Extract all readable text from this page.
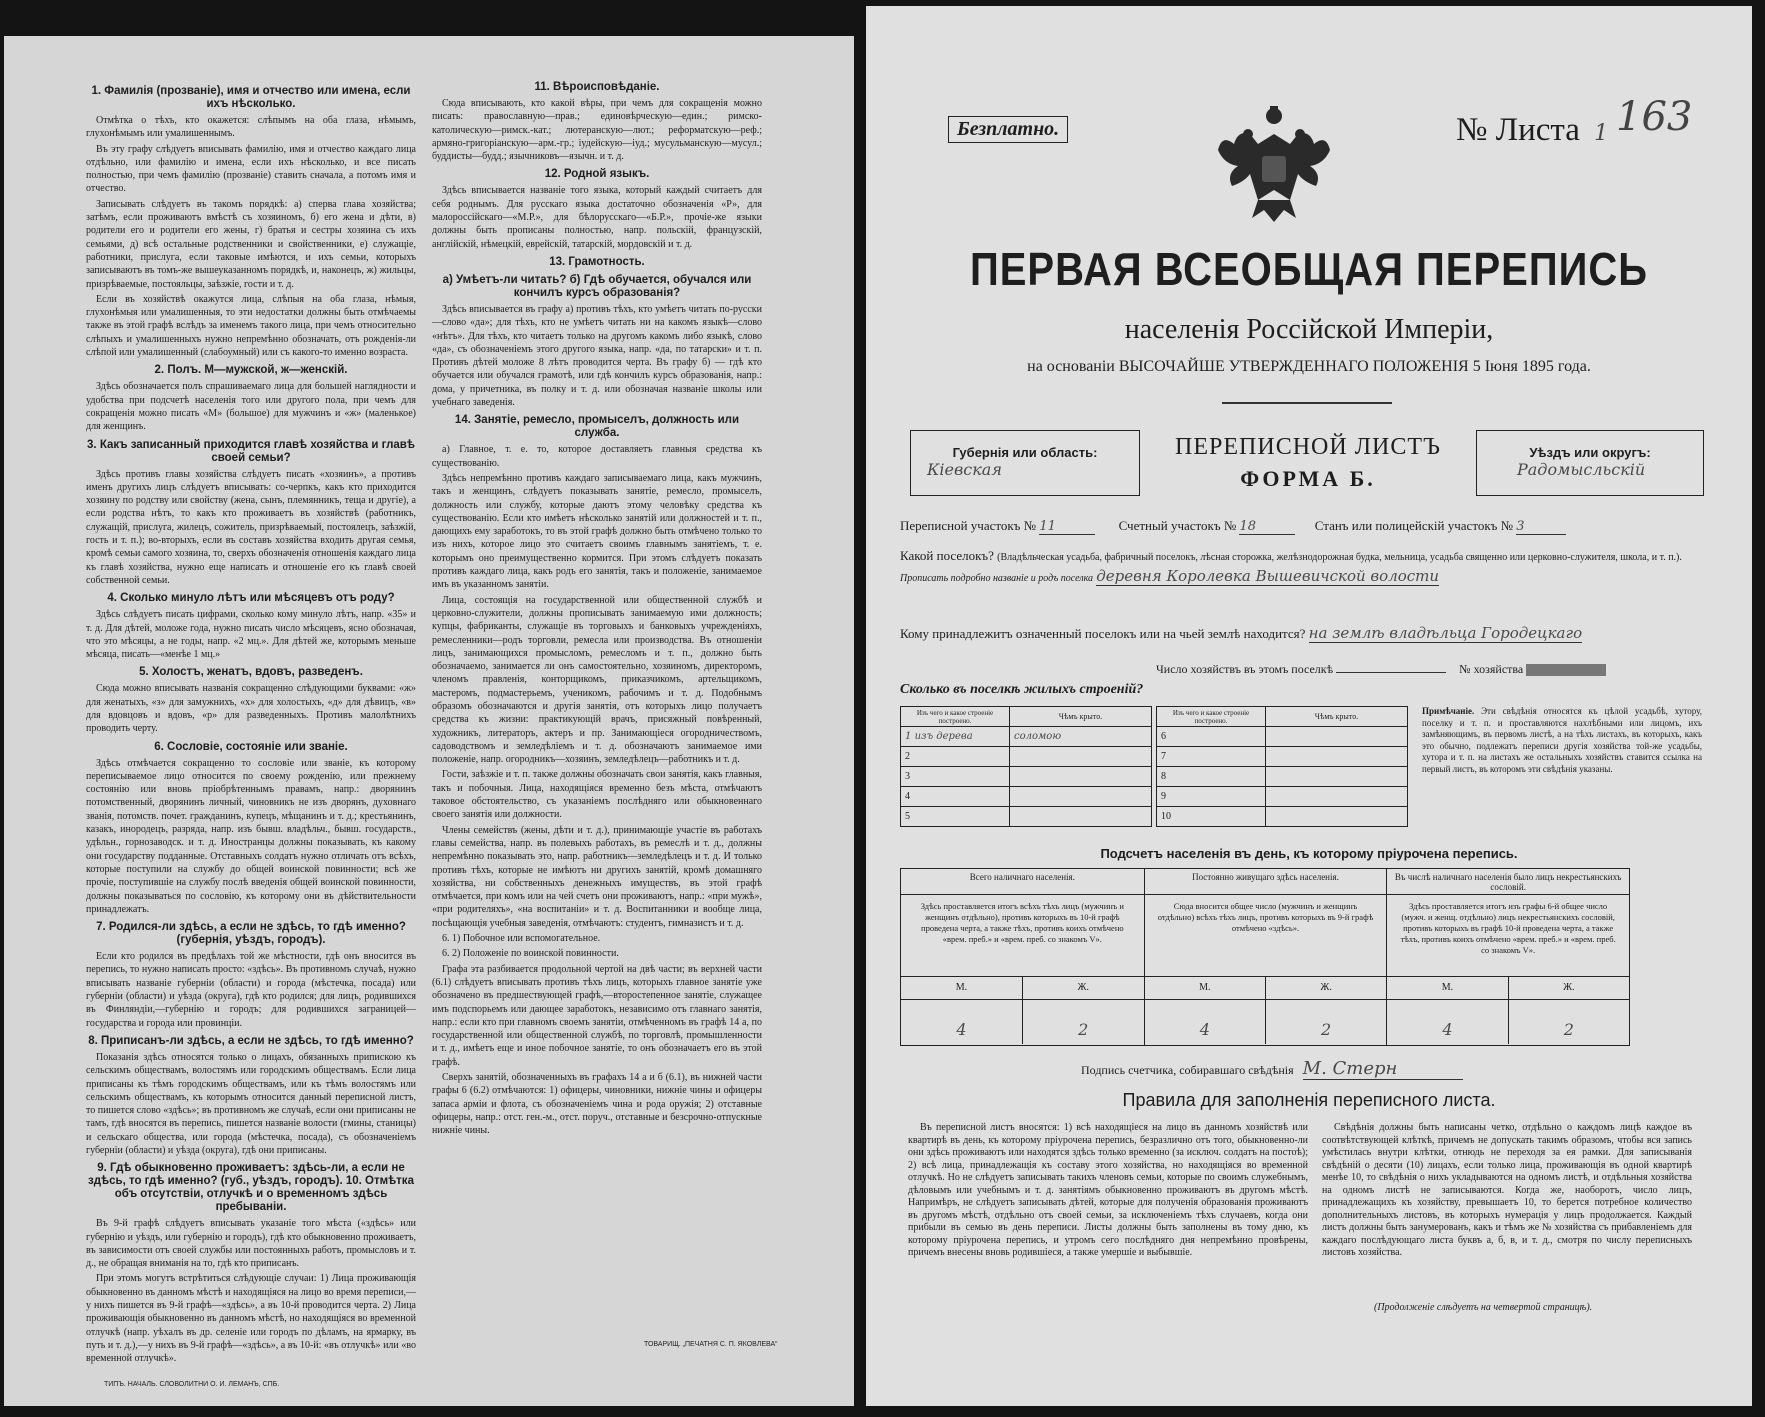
1. Фамилія (прозваніе), имя и отчество или имена, если ихъ нѣсколько.

Отмѣтка о тѣхъ, кто окажется: слѣпымъ на оба глаза, нѣмымъ, глухонѣмымъ или умалишеннымъ.

Въ эту графу слѣдуетъ вписывать фамилію, имя и отчество каждаго лица отдѣльно, или фамилію и имена, если ихъ нѣсколько, и все писать полностью, при чемъ фамилію (прозваніе) ставить сначала, а потомъ имя и отчество.

Записывать слѣдуетъ въ такомъ порядкѣ: а) сперва глава хозяйства; затѣмъ, если проживаютъ вмѣстѣ съ хозяиномъ, б) его жена и дѣти, в) родители его и родители его жены, г) братья и сестры хозяина съ ихъ семьями, д) всѣ остальные родственники и свойственники, е) служащіе, работники, прислуга, если таковые имѣются, и ихъ семьи, которыхъ записываютъ въ томъ-же вышеуказанномъ порядкѣ, и, наконецъ, ж) жильцы, призрѣваемые, постояльцы, заѣзжіе, гости и т. д.

Если въ хозяйствѣ окажутся лица, слѣпыя на оба глаза, нѣмыя, глухонѣмыя или умалишенныя, то эти недостатки должны быть отмѣчаемы также въ этой графѣ вслѣдъ за именемъ такого лица, при чемъ относительно слѣпыхъ и умалишенныхъ нужно непремѣнно обозначать, отъ рожденія-ли слѣпой или умалишенный (слабоумный) или съ какого-то именно возраста.

2. Полъ. М—мужской, ж—женскій.

Здѣсь обозначается полъ спрашиваемаго лица для большей наглядности и удобства при подсчетѣ населенія того или другого пола, при чемъ для сокращенія можно писать «М» (большое) для мужчинъ и «ж» (маленькое) для женщинъ.

3. Какъ записанный приходится главѣ хозяйства и главѣ своей семьи?

Здѣсь противъ главы хозяйства слѣдуетъ писать «хозяинъ», а противъ именъ другихъ лицъ слѣдуетъ вписывать: со-черпкъ, какъ кто приходится хозяину по родству или свойству (жена, сынъ, племянникъ, теща и другіе), а если родства нѣтъ, то какъ кто проживаетъ въ хозяйствѣ (работникъ, служащій, прислуга, жилецъ, сожитель, призрѣваемый, постоялецъ, заѣзжій, гость и т. п.); во-вторыхъ, если въ составъ хозяйства входить другая семья, кромѣ семьи самого хозяина, то, сверхъ обозначенія отношенія каждаго лица къ главѣ хозяйства, нужно еще написать и отношеніе его къ главѣ своей собственной семьи.

4. Сколько минуло лѣтъ или мѣсяцевъ отъ роду?

Здѣсь слѣдуетъ писать цифрами, сколько кому минуло лѣтъ, напр. «35» и т. д. Для дѣтей, моложе года, нужно писать число мѣсяцевъ, ясно обозначая, что это мѣсяцы, а не годы, напр. «2 мц.». Для дѣтей же, которымъ меньше мѣсяца, писать—«менѣе 1 мц.»

5. Холостъ, женатъ, вдовъ, разведенъ.

Сюда можно вписывать названія сокращенно слѣдующими буквами: «ж» для женатыхъ, «з» для замужнихъ, «х» для холостыхъ, «д» для дѣвицъ, «в» для вдовцовъ и вдовъ, «р» для разведенныхъ. Противъ малолѣтнихъ проводить черту.

6. Сословіе, состояніе или званіе.

Здѣсь отмѣчается сокращенно то сословіе или званіе, къ которому переписываемое лицо относится по своему рожденію, или прежнему состоянію или вновь пріобрѣтеннымъ правамъ, напр.: дворянинъ потомственный, дворянинъ личный, чиновникъ не изъ дворянъ, духовнаго званія, потомств. почет. гражданинъ, купецъ, мѣщанинъ и т. д.; крестьянинъ, казакъ, инородецъ, разряда, напр. изъ бывш. владѣльч., бывш. государств., удѣльн., горнозаводск. и т. д. Иностранцы должны показывать, къ какому они государству подданные. Отставныхъ солдатъ нужно отличать отъ всѣхъ, которые поступили на службу до общей воинской повинности; всѣ же прочіе, поступившіе на службу послѣ введенія общей воинской повинности, должны показываться по сословію, къ которому они въ дѣйствительности принадлежатъ.

7. Родился-ли здѣсь, а если не здѣсь, то гдѣ именно? (губернія, уѣздъ, городъ).

Если кто родился въ предѣлахъ той же мѣстности, гдѣ онъ вносится въ перепись, то нужно написать просто: «здѣсь». Въ противномъ случаѣ, нужно вписывать названіе губерніи (области) и города (мѣстечка, посада) или губерніи (области) и уѣзда (округа), гдѣ кто родился; для лицъ, родившихся въ Финляндіи,—губернію и городъ; для родившихся заграницей—государства и города или провинціи.

8. Приписанъ-ли здѣсь, а если не здѣсь, то гдѣ именно?

Показанія здѣсь относятся только о лицахъ, обязанныхъ припискою къ сельскимъ обществамъ, волостямъ или городскимъ обществамъ. Если лица приписаны къ тѣмъ городскимъ обществамъ, или къ тѣмъ волостямъ или сельскимъ обществамъ, къ которымъ относится данный переписной листъ, то пишется слово «здѣсь»; въ противномъ же случаѣ, если они приписаны не тамъ, гдѣ вносятся въ перепись, пишется названіе волости (гмины, станицы) и сельскаго общества, или города (мѣстечка, посада), съ обозначеніемъ губерніи (области) и уѣзда (округа), гдѣ они приписаны.

9. Гдѣ обыкновенно проживаетъ: здѣсь-ли, а если не здѣсь, то гдѣ именно? (губ., уѣздъ, городъ). 10. Отмѣтка объ отсутствіи, отлучкѣ и о временномъ здѣсь пребываніи.

Въ 9-й графѣ слѣдуетъ вписывать указаніе того мѣста («здѣсь» или губернію и уѣздъ, или губернію и городъ), гдѣ кто обыкновенно проживаетъ, въ зависимости отъ своей службы или постоянныхъ работъ, промысловъ и т. д., не обращая вниманія на то, гдѣ кто приписанъ.

При этомъ могутъ встрѣтиться слѣдующіе случаи: 1) Лица проживающія обыкновенно въ данномъ мѣстѣ и находящіяся на лицо во время переписи,—у нихъ пишется въ 9-й графѣ—«здѣсь», а въ 10-й проводится черта. 2) Лица проживающія обыкновенно въ данномъ мѣстѣ, но находящіяся во временной отлучкѣ (напр. уѣхалъ въ др. селеніе или городъ по дѣламъ, на ярмарку, въ путь и т. д.),—у нихъ въ 9-й графѣ—«здѣсь», а въ 10-й: «въ отлучкѣ» или «во временной отлучкѣ».

11. Вѣроисповѣданіе.

Сюда вписывають, кто какой вѣры, при чемъ для сокращенія можно писать: православную—прав.; единовѣрческую—един.; римско-католическую—римск.-кат.; лютеранскую—лют.; реформатскую—реф.; армяно-григоріанскую—арм.-гр.; іудейскую—іуд.; мусульманскую—мусул.; буддисты—будд.; язычниковъ—язычн. и т. д.

12. Родной языкъ.

Здѣсь вписывается названіе того языка, который каждый считаетъ для себя роднымъ. Для русскаго языка достаточно обозначенія «Р», для малороссійскаго—«М.Р.», для бѣлорусскаго—«Б.Р.», прочіе-же языки должны быть прописаны полностью, напр. польскій, французскій, англійскій, нѣмецкій, еврейскій, татарскій, мордовскій и т. д.

13. Грамотность.
а) Умѣетъ-ли читать? б) Гдѣ обучается, обучался или кончилъ курсъ образованія?

Здѣсь вписывается въ графу а) противъ тѣхъ, кто умѣетъ читать по-русски—слово «да»; для тѣхъ, кто не умѣетъ читать ни на какомъ языкѣ—слово «нѣтъ». Для тѣхъ, кто читаетъ только на другомъ какомъ либо языкѣ, слово «да», съ обозначеніемъ этого другого языка, напр. «да, по татарски» и т. п. Противъ дѣтей моложе 8 лѣтъ проводится черта. Въ графу б) — гдѣ кто обучается или обучался грамотѣ, или гдѣ кончилъ курсъ образованія, напр.: дома, у причетника, въ полку и т. д. или обозначая названіе школы или учебнаго заведенія.

14. Занятіе, ремесло, промыселъ, должность или служба.

а) Главное, т. е. то, которое доставляетъ главныя средства къ существованію.

Здѣсь непремѣнно противъ каждаго записываемаго лица, какъ мужчинъ, такъ и женщинъ, слѣдуетъ показывать занятіе, ремесло, промыселъ, должность или службу, которые даютъ этому человѣку средства къ существованію. Если кто имѣетъ нѣсколько занятій или должностей и т. п., дающихъ ему заработокъ, то въ этой графѣ должно быть отмѣчено только то изъ нихъ, которое лицо это считаетъ своимъ главнымъ занятіемъ, т. е. которымъ оно преимущественно кормится. При этомъ слѣдуетъ показать противъ каждаго лица, какъ родъ его занятія, такъ и положеніе, занимаемое имъ въ указанномъ занятіи.

Лица, состоящія на государственной или общественной службѣ и церковно-служители, должны прописывать занимаемую ими должность; купцы, фабриканты, служащіе въ торговыхъ и банковыхъ учрежденіяхъ, ремесленники—родъ торговли, ремесла или производства. Въ отношеніи лицъ, занимающихся промысломъ, ремесломъ и т. п., должно быть обозначаемо, занимается ли онъ самостоятельно, хозяиномъ, директоромъ, членомъ правленія, конторщикомъ, приказчикомъ, артельщикомъ, мастеромъ, подмастерьемъ, ученикомъ, рабочимъ и т. д. Подобнымъ образомъ обозначаются и другія занятія, отъ которыхъ лицо получаетъ средства къ жизни: практикующій врачъ, присяжный повѣренный, художникъ, литераторъ, актеръ и пр. Занимающіеся огородничествомъ, садоводствомъ и земледѣліемъ и т. д. обозначаютъ занимаемое ими положеніе, напр. огородникъ—хозяинъ, земледѣлецъ—работникъ и т. д.

Гости, заѣзжіе и т. п. также должны обозначать свои занятія, какъ главныя, такъ и побочныя. Лица, находящіяся временно безъ мѣста, отмѣчаютъ таковое обстоятельство, съ указаніемъ послѣдняго или обыкновеннаго своего занятія или должности.

Члены семействъ (жены, дѣти и т. д.), принимающіе участіе въ работахъ главы семейства, напр. въ полевыхъ работахъ, въ ремеслѣ и т. д., должны непремѣнно показывать это, напр. работникъ—земледѣлецъ и т. д. И только противъ тѣхъ, которые не имѣютъ ни другихъ занятій, кромѣ домашняго хозяйства, ни собственныхъ денежныхъ имуществъ, въ этой графѣ отмѣчается, при комъ или на чей счетъ они проживаютъ, напр.: «при мужѣ», «при родителяхъ», «на воспитаніи» и т. д. Воспитанники и вообще лица, посѣщающія учебныя заведенія, отмѣчаютъ: студентъ, гимназистъ и т. д.

6. 1) Побочное или вспомогательное.

6. 2) Положеніе по воинской повинности.

Графа эта разбивается продольной чертой на двѣ части; въ верхней части (6.1) слѣдуетъ вписывать противъ тѣхъ лицъ, которыхъ главное занятіе уже обозначено въ предшествующей графѣ,—второстепенное занятіе, служащее имъ подспорьемъ или дающее заработокъ, независимо отъ главнаго занятія, напр.: если кто при главномъ своемъ занятіи, отмѣченномъ въ графѣ 14 а, по государственной или общественной службѣ, по торговлѣ, промышленности и т. д., имѣетъ еще и иное побочное занятіе, то онъ обозначаетъ его въ этой графѣ.

Сверхъ занятій, обозначенныхъ въ графахъ 14 а и б (6.1), въ нижней части графы 6 (6.2) отмѣчаются: 1) офицеры, чиновники, нижніе чины и офицеры запаса арміи и флота, съ обозначеніемъ чина и рода оружія; 2) отставные офицеры, напр.: отст. ген.-м., отст. поруч., отставные и безсрочно-отпускные нижніе чины.

ТИПЪ. НАЧАЛЬ. СЛОВОЛИТНИ О. И. ЛЕМАНЪ, СПБ.
ТОВАРИЩ. „ПЕЧАТНЯ С. П. ЯКОВЛЕВА“
Безплатно.	№ Листа 1 163
ПЕРВАЯ ВСЕОБЩАЯ ПЕРЕПИСЬ
населенія Россійской Имперіи,
на основаніи ВЫСОЧАЙШЕ УТВЕРЖДЕННАГО ПОЛОЖЕНІЯ 5 Іюня 1895 года.
Губернія или область:
Кіевская
ПЕРЕПИСНОЙ ЛИСТЪ
ФОРМА Б.
Уѣздъ или округъ:
Радомысльскій
Переписной участокъ № 11	Счетный участокъ № 18	Станъ или полицейскій участокъ № 3
Какой поселокъ? (Владѣльческая усадьба, фабричный поселокъ, лѣсная сторожка, желѣзнодорожная будка, мельница, усадьба священно или церковно-служителя, школа, и т. п.). Прописать подробно названіе и родъ поселка деревня Королевка Вышевичской волости
Кому принадлежитъ означенный поселокъ или на чьей землѣ находится? на землѣ владѣльца Городецкаго
Число хозяйствъ въ этомъ поселкѣ	№ хозяйства
Сколько въ поселкѣ жилыхъ строеній?
Изъ чего и какое строеніе построено.	Чѣмъ крыто.
1 изъ дерева	соломою
2	
3	
4	
5	
Изъ чего и какое строеніе построено.	Чѣмъ крыто.
6	
7	
8	
9	
10	
Примѣчаніе. Эти свѣдѣнія относятся къ цѣлой усадьбѣ, хутору, поселку и т. п. и проставляются нахлѣбными или лицомъ, ихъ замѣняющимъ, въ первомъ листѣ, а на тѣхъ листахъ, въ которыхъ, какъ это обычно, подлежатъ переписи другія хозяйства той-же усадьбы, хутора и т. п. на листахъ же остальныхъ хозяйствъ ставится ссылка на первый листъ, въ которомъ эти свѣдѣнія указаны.
Подсчетъ населенія въ день, къ которому пріурочена перепись.
Всего наличнаго населенія.
Здѣсь проставляется итогъ всѣхъ тѣхъ лицъ (мужчинъ и женщинъ отдѣльно), противъ которыхъ въ 10-й графѣ проведена черта, а также тѣхъ, противъ коихъ отмѣчено «врем. преб.» и «врем. преб. со знакомъ V».
М.	Ж.
4	2
Постоянно живущаго здѣсь населенія.
Сюда вносится общее число (мужчинъ и женщинъ отдѣльно) всѣхъ тѣхъ лицъ, противъ которыхъ въ 9-й графѣ отмѣчено «здѣсь».
М.	Ж.
4	2
Въ числѣ наличнаго населенія было лицъ некрестьянскихъ сословій.
Здѣсь проставляется итогъ изъ графы 6-й общее число (мужч. и женщ. отдѣльно) лицъ некрестьянскихъ сословій, противъ которыхъ въ графѣ 10-й проведена черта, а также тѣхъ, противъ коихъ отмѣчено «врем. преб.» и «врем. преб. со знакомъ V».
М.	Ж.
4	2
Подпись счетчика, собиравшаго свѣдѣнія М. Стерн
Правила для заполненія переписного листа.
Въ переписной листъ вносятся: 1) всѣ находящіеся на лицо въ данномъ хозяйствѣ или квартирѣ въ день, къ которому пріурочена перепись, безразлично отъ того, обыкновенно-ли они здѣсь проживаютъ или находятся здѣсь только временно (за исключ. солдатъ на постоѣ); 2) всѣ лица, принадлежащія къ составу этого хозяйства, но находящіяся во временной отлучкѣ. Но не слѣдуетъ записывать такихъ членовъ семьи, которые по своимъ служебнымъ, дѣловымъ или учебнымъ и т. д. занятіямъ обыкновенно проживаютъ въ другомъ мѣстѣ. Напримѣръ, не слѣдуетъ записывать дѣтей, которые для полученія образованія проживаютъ въ другомъ мѣстѣ, отдѣльно отъ своей семьи, за исключеніемъ тѣхъ случаевъ, когда они прибыли въ семью въ день переписи. Листы должны быть заполнены въ тому дню, къ которому пріурочена перепись, и утромъ сего послѣдняго дня непремѣнно провѣрены, причемъ внесены вновь родившіеся, а также умершіе и выбывшіе.
Свѣдѣнія должны быть написаны четко, отдѣльно о каждомъ лицѣ каждое въ соотвѣтствующей клѣткѣ, причемъ не допускать такимъ образомъ, чтобы вся запись умѣстилась внутри клѣтки, отнюдь не переходя за ея рамки. Для записыванія свѣдѣній о десяти (10) лицахъ, если только лица, проживающія въ одной квартирѣ менѣе 10, то свѣдѣнія о нихъ укладываются на одномъ листѣ, и отдѣльныя хозяйства на одномъ листѣ не записываются. Когда же, наоборотъ, число лицъ, принадлежащихъ къ хозяйству, превышаетъ 10, то берется потребное количество дополнительныхъ листовъ, въ которыхъ нумерація у лицъ продолжается. Каждый листъ должны быть занумерованъ, какъ и тѣмъ же № хозяйства съ прибавленіемъ для каждаго послѣдующаго листа буквъ а, б, в, и т. д., смотря по числу переписныхъ листовъ хозяйства.
(Продолженіе слѣдуетъ на четвертой страницѣ).
